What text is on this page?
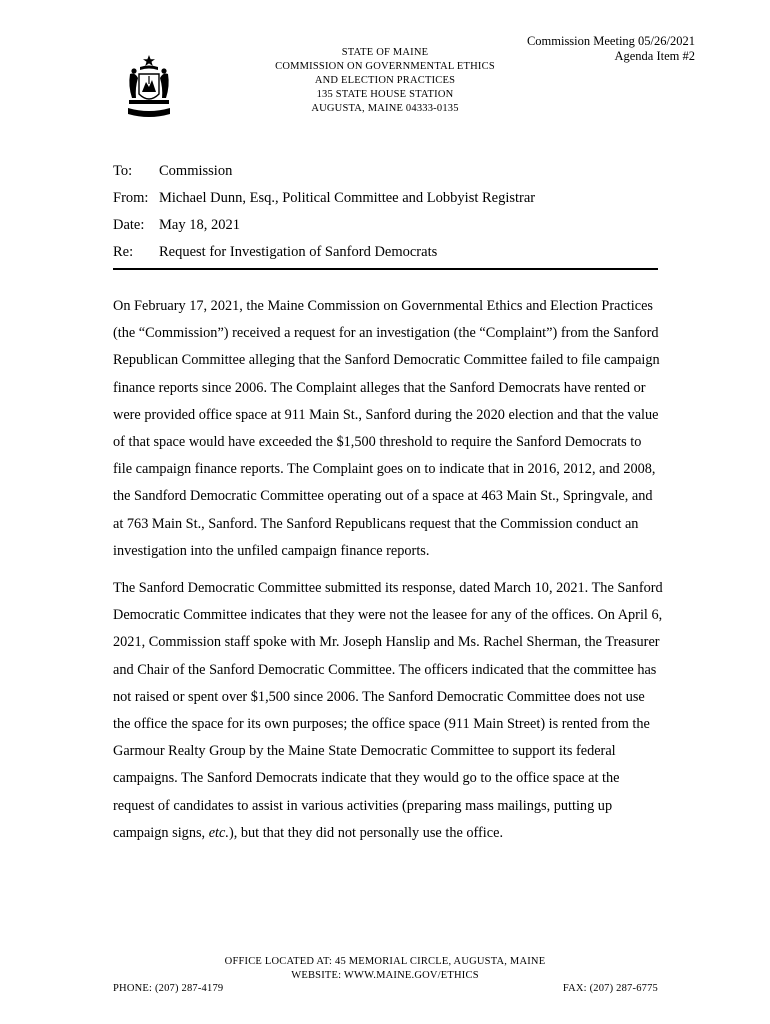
Commission Meeting 05/26/2021
Agenda Item #2
STATE OF MAINE
COMMISSION ON GOVERNMENTAL ETHICS
AND ELECTION PRACTICES
135 STATE HOUSE STATION
AUGUSTA, MAINE 04333-0135
To: Commission
From: Michael Dunn, Esq., Political Committee and Lobbyist Registrar
Date: May 18, 2021
Re: Request for Investigation of Sanford Democrats

On February 17, 2021, the Maine Commission on Governmental Ethics and Election Practices (the “Commission”) received a request for an investigation (the “Complaint”) from the Sanford Republican Committee alleging that the Sanford Democratic Committee failed to file campaign finance reports since 2006. The Complaint alleges that the Sanford Democrats have rented or were provided office space at 911 Main St., Sanford during the 2020 election and that the value of that space would have exceeded the $1,500 threshold to require the Sanford Democrats to file campaign finance reports. The Complaint goes on to indicate that in 2016, 2012, and 2008, the Sandford Democratic Committee operating out of a space at 463 Main St., Springvale, and at 763 Main St., Sanford. The Sanford Republicans request that the Commission conduct an investigation into the unfiled campaign finance reports.

The Sanford Democratic Committee submitted its response, dated March 10, 2021. The Sanford Democratic Committee indicates that they were not the leasee for any of the offices. On April 6, 2021, Commission staff spoke with Mr. Joseph Hanslip and Ms. Rachel Sherman, the Treasurer and Chair of the Sanford Democratic Committee. The officers indicated that the committee has not raised or spent over $1,500 since 2006. The Sanford Democratic Committee does not use the office the space for its own purposes; the office space (911 Main Street) is rented from the Garmour Realty Group by the Maine State Democratic Committee to support its federal campaigns. The Sanford Democrats indicate that they would go to the office space at the request of candidates to assist in various activities (preparing mass mailings, putting up campaign signs, etc.), but that they did not personally use the office.

OFFICE LOCATED AT: 45 MEMORIAL CIRCLE, AUGUSTA, MAINE
WEBSITE: WWW.MAINE.GOV/ETHICS
PHONE: (207) 287-4179	FAX: (207) 287-6775
